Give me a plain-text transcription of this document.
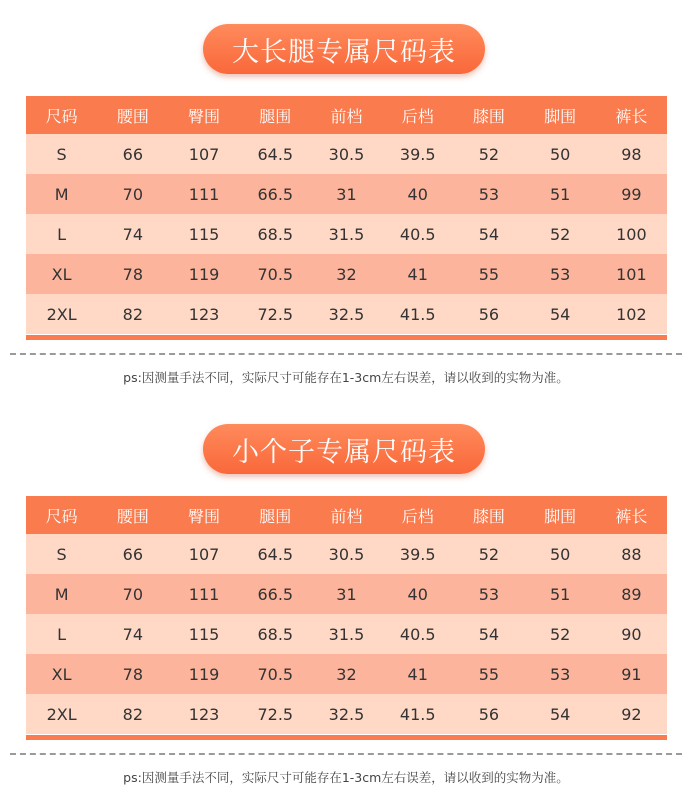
大长腿专属尺码表
尺码	腰围	臀围	腿围	前档	后档	膝围	脚围	裤长
S	66	107	64.5	30.5	39.5	52	50	98
M	70	111	66.5	31	40	53	51	99
L	74	115	68.5	31.5	40.5	54	52	100
XL	78	119	70.5	32	41	55	53	101
2XL	82	123	72.5	32.5	41.5	56	54	102
ps:因测量手法不同，实际尺寸可能存在1-3cm左右误差，请以收到的实物为准。
小个子专属尺码表
尺码	腰围	臀围	腿围	前档	后档	膝围	脚围	裤长
S	66	107	64.5	30.5	39.5	52	50	88
M	70	111	66.5	31	40	53	51	89
L	74	115	68.5	31.5	40.5	54	52	90
XL	78	119	70.5	32	41	55	53	91
2XL	82	123	72.5	32.5	41.5	56	54	92
ps:因测量手法不同，实际尺寸可能存在1-3cm左右误差，请以收到的实物为准。
